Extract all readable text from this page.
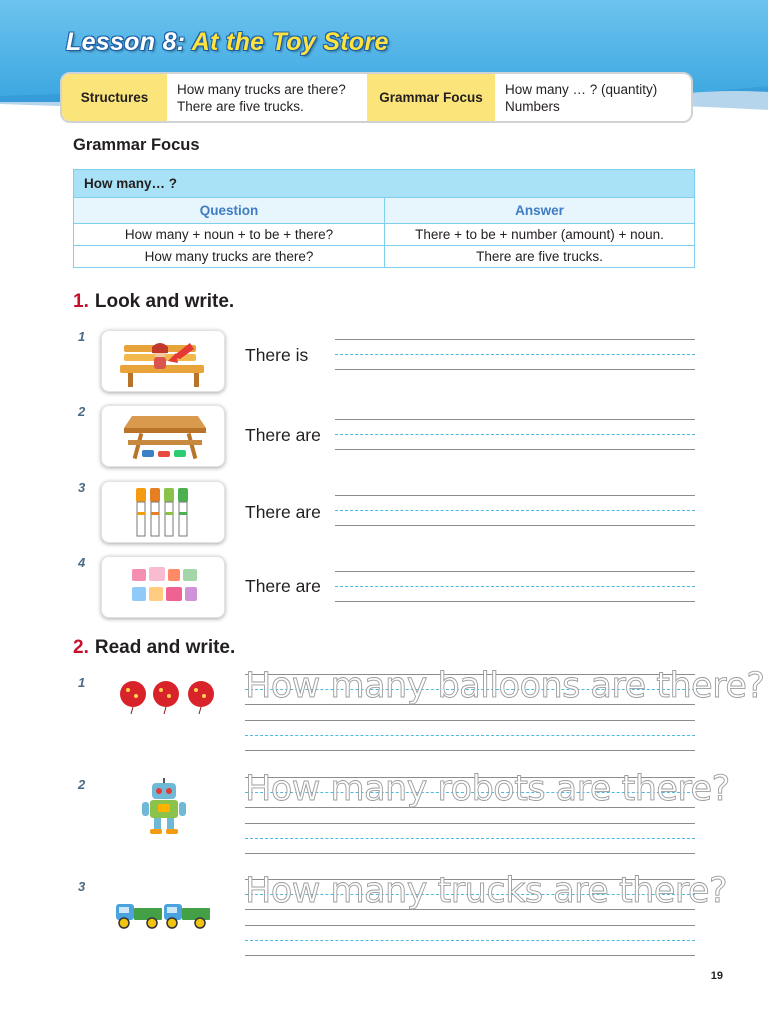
Lesson 8: At the Toy Store
Structures
How many trucks are there?
There are five trucks.
Grammar Focus
How many … ? (quantity)
Numbers
Grammar Focus
How many… ?	
Question	Answer
How many + noun + to be + there?	There + to be + number (amount) + noun.
How many trucks are there?	There are five trucks.
1. Look and write.
1
There is
2
There are
3
There are
4
There are
2. Read and write.
1	How many balloons are there?
2	How many robots are there?
3	How many trucks are there?
19
